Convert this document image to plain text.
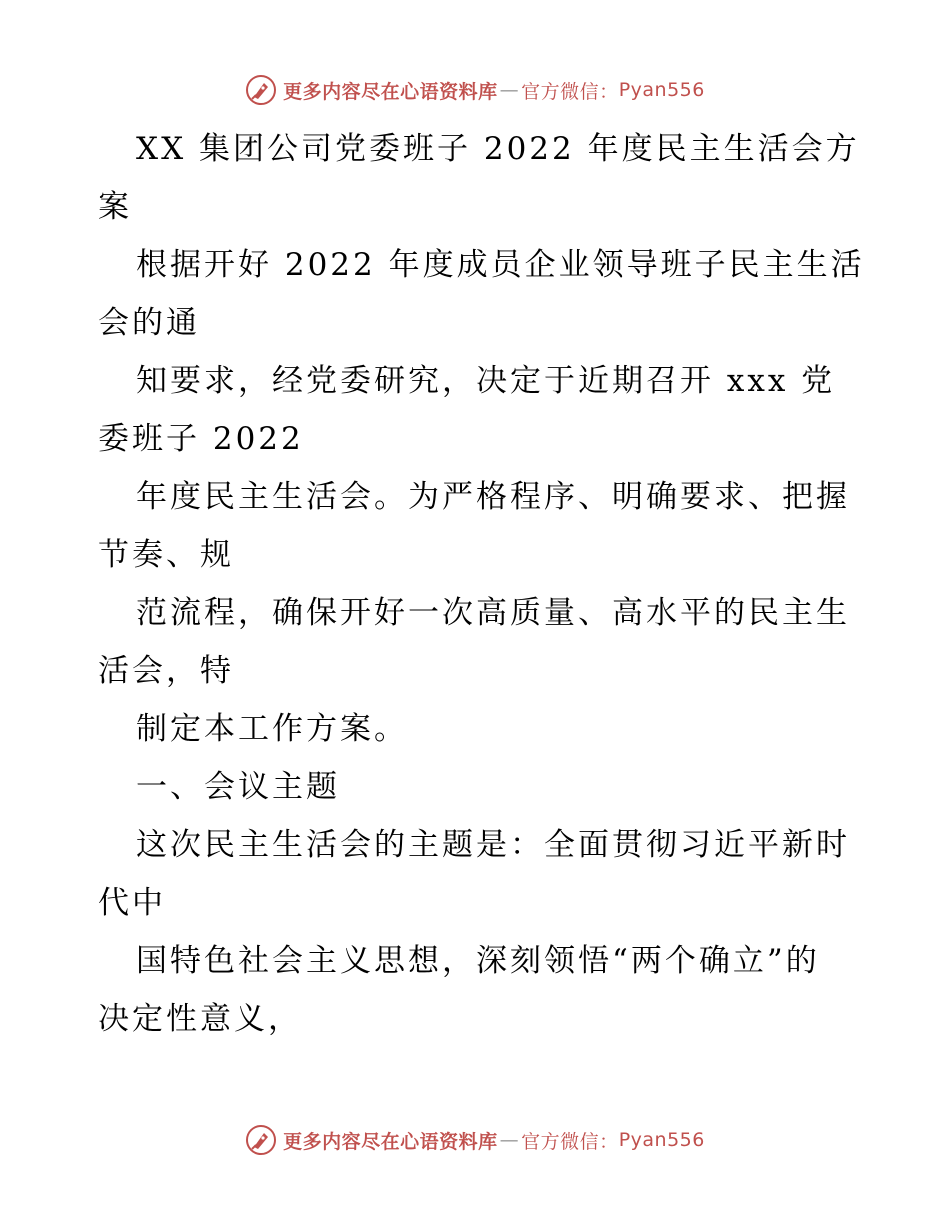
更多内容尽在心语资料库 — 官方微信： Pyan556
XX 集团公司党委班子 2022 年度民主生活会方
案
根据开好 2022 年度成员企业领导班子民主生活
会的通
知要求，经党委研究，决定于近期召开 xxx 党
委班子 2022
年度民主生活会。为严格程序、明确要求、把握
节奏、规
范流程，确保开好一次高质量、高水平的民主生
活会，特
制定本工作方案。
一、会议主题
这次民主生活会的主题是：全面贯彻习近平新时
代中
国特色社会主义思想，深刻领悟“两个确立”的
决定性意义，
更多内容尽在心语资料库 — 官方微信： Pyan556
